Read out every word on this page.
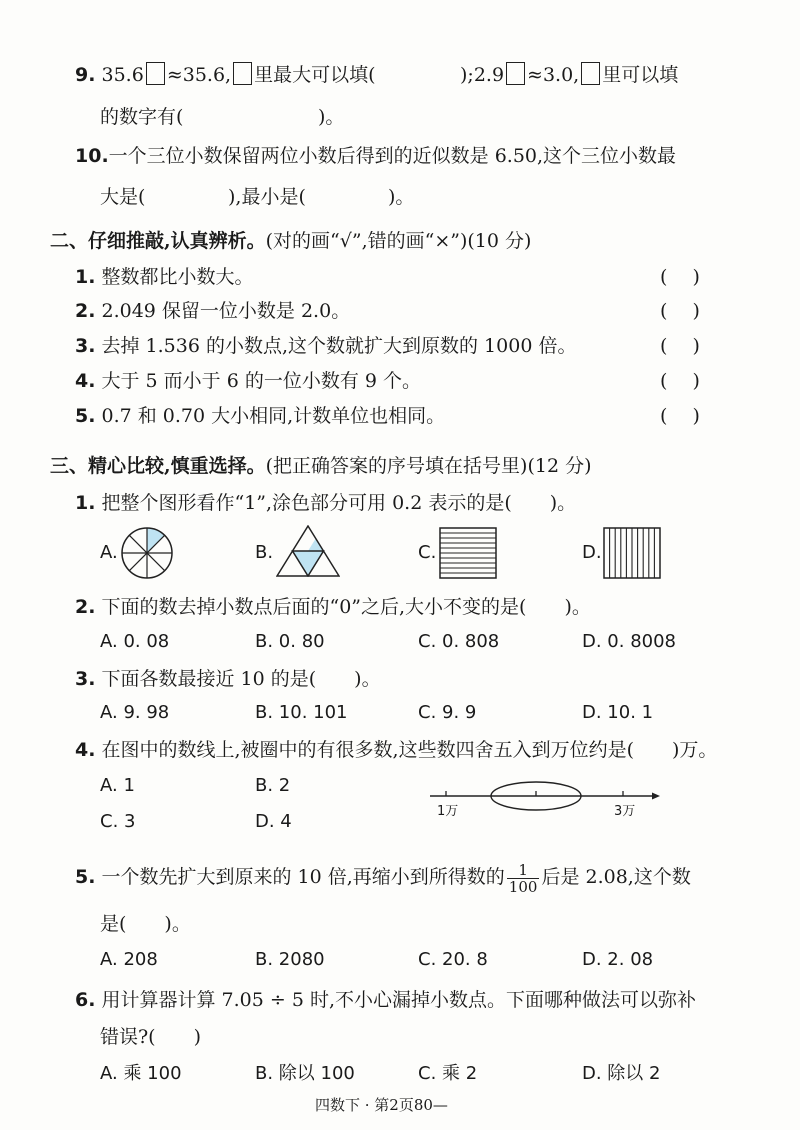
9. 35.6 ≈35.6, 里最大可以填(	);2.9 ≈3.0, 里可以填
的数字有(	)。
10.一个三位小数保留两位小数后得到的近似数是 6.50,这个三位小数最
大是(	),最小是(	)。
二、仔细推敲,认真辨析。(对的画“√”,错的画“×”)(10 分)
1. 整数都比小数大。	(　 )
2. 2.049 保留一位小数是 2.0。	(　 )
3. 去掉 1.536 的小数点,这个数就扩大到原数的 1000 倍。	(　 )
4. 大于 5 而小于 6 的一位小数有 9 个。	(　 )
5. 0.7 和 0.70 大小相同,计数单位也相同。	(　 )
三、精心比较,慎重选择。(把正确答案的序号填在括号里)(12 分)
1. 把整个图形看作“1”,涂色部分可用 0.2 表示的是(　　)。
A.	B.	C.	D.
2. 下面的数去掉小数点后面的“0”之后,大小不变的是(　　)。
A. 0. 08	B. 0. 80	C. 0. 808	D. 0. 8008
3. 下面各数最接近 10 的是(　　)。
A. 9. 98	B. 10. 101	C. 9. 9	D. 10. 1
4. 在图中的数线上,被圈中的有很多数,这些数四舍五入到万位约是(　　)万。
A. 1	B. 2
C. 3	D. 4	1万	3万
5. 一个数先扩大到原来的 10 倍,再缩小到所得数的 $\frac{1}{100}$ 后是 2.08,这个数
是(　　)。
A. 208	B. 2080	C. 20. 8	D. 2. 08
6. 用计算器计算 7.05 ÷ 5 时,不小心漏掉小数点。下面哪种做法可以弥补
错误?(　　)
A. 乘 100	B. 除以 100	C. 乘 2	D. 除以 2
四数下 · 第2页80—
